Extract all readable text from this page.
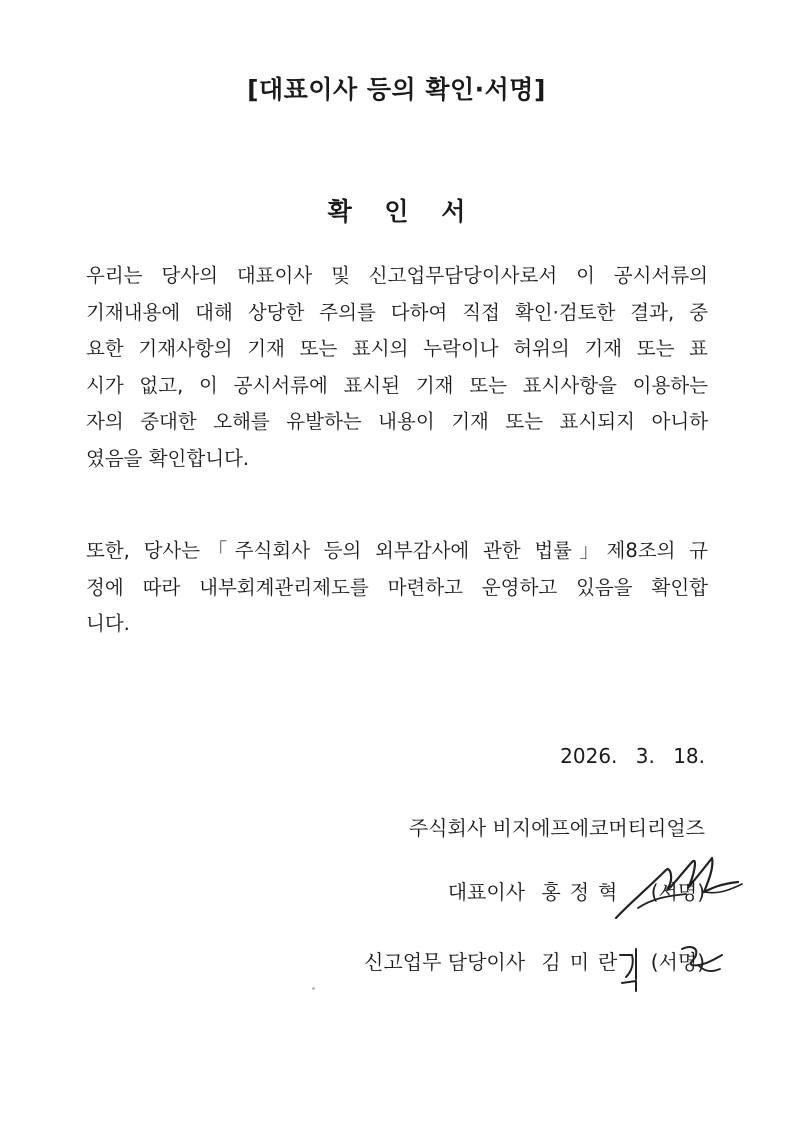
[대표이사 등의 확인·서명]
확 인 서
우리는 당사의 대표이사 및 신고업무담당이사로서 이 공시서류의
기재내용에 대해 상당한 주의를 다하여 직접 확인·검토한 결과, 중
요한 기재사항의 기재 또는 표시의 누락이나 허위의 기재 또는 표
시가 없고, 이 공시서류에 표시된 기재 또는 표시사항을 이용하는
자의 중대한 오해를 유발하는 내용이 기재 또는 표시되지 아니하
였음을 확인합니다.
또한, 당사는「주식회사 등의 외부감사에 관한 법률」제8조의 규
정에 따라 내부회계관리제도를 마련하고 운영하고 있음을 확인합
니다.
2026. 3. 18.
주식회사 비지에프에코머티리얼즈
대표이사 홍정혁 (서명)
신고업무 담당이사 김미란 (서명)
